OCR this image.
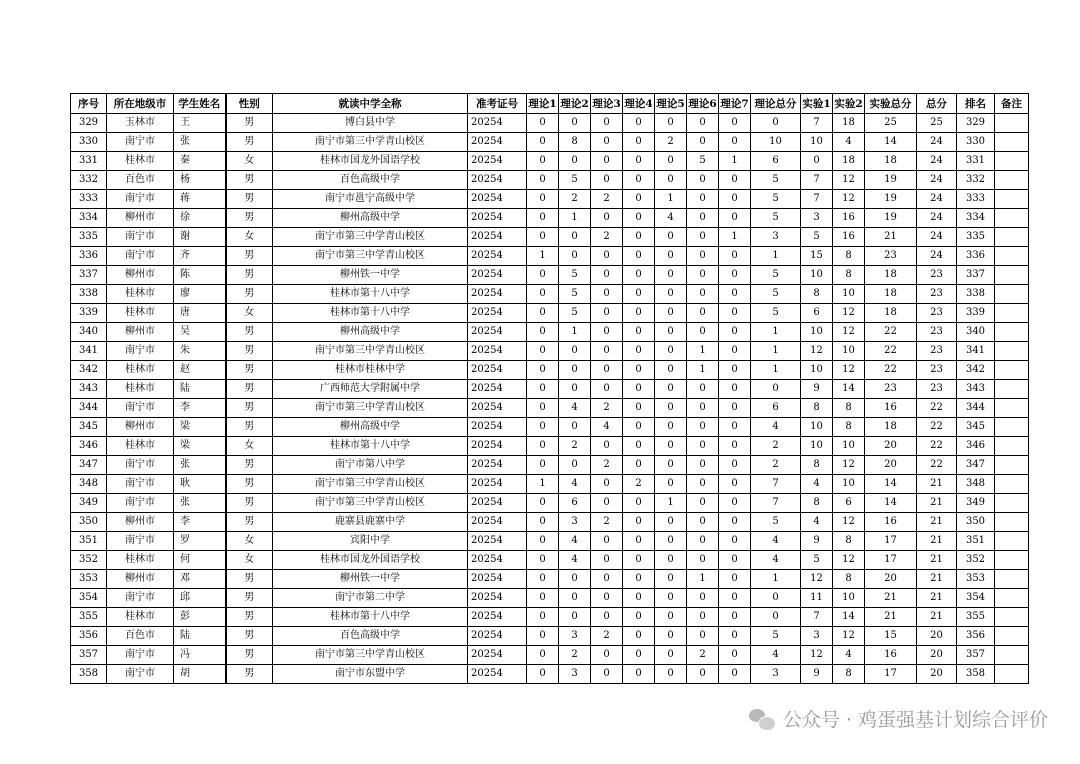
序号	所在地级市	学生姓名	性别	就读中学全称	准考证号	理论1	理论2	理论3	理论4	理论5	理论6	理论7	理论总分	实验1	实验2	实验总分	总分	排名	备注
329	玉林市	王	男	博白县中学	20254	0	0	0	0	0	0	0	0	7	18	25	25	329	
330	南宁市	张	男	南宁市第三中学青山校区	20254	0	8	0	0	2	0	0	10	10	4	14	24	330	
331	桂林市	秦	女	桂林市国龙外国语学校	20254	0	0	0	0	0	5	1	6	0	18	18	24	331	
332	百色市	杨	男	百色高级中学	20254	0	5	0	0	0	0	0	5	7	12	19	24	332	
333	南宁市	蒋	男	南宁市邕宁高级中学	20254	0	2	2	0	1	0	0	5	7	12	19	24	333	
334	柳州市	徐	男	柳州高级中学	20254	0	1	0	0	4	0	0	5	3	16	19	24	334	
335	南宁市	谢	女	南宁市第三中学青山校区	20254	0	0	2	0	0	0	1	3	5	16	21	24	335	
336	南宁市	齐	男	南宁市第三中学青山校区	20254	1	0	0	0	0	0	0	1	15	8	23	24	336	
337	柳州市	陈	男	柳州铁一中学	20254	0	5	0	0	0	0	0	5	10	8	18	23	337	
338	桂林市	廖	男	桂林市第十八中学	20254	0	5	0	0	0	0	0	5	8	10	18	23	338	
339	桂林市	唐	女	桂林市第十八中学	20254	0	5	0	0	0	0	0	5	6	12	18	23	339	
340	柳州市	吴	男	柳州高级中学	20254	0	1	0	0	0	0	0	1	10	12	22	23	340	
341	南宁市	朱	男	南宁市第三中学青山校区	20254	0	0	0	0	0	1	0	1	12	10	22	23	341	
342	桂林市	赵	男	桂林市桂林中学	20254	0	0	0	0	0	1	0	1	10	12	22	23	342	
343	桂林市	陆	男	广西师范大学附属中学	20254	0	0	0	0	0	0	0	0	9	14	23	23	343	
344	南宁市	李	男	南宁市第三中学青山校区	20254	0	4	2	0	0	0	0	6	8	8	16	22	344	
345	柳州市	梁	男	柳州高级中学	20254	0	0	4	0	0	0	0	4	10	8	18	22	345	
346	桂林市	梁	女	桂林市第十八中学	20254	0	2	0	0	0	0	0	2	10	10	20	22	346	
347	南宁市	张	男	南宁市第八中学	20254	0	0	2	0	0	0	0	2	8	12	20	22	347	
348	南宁市	耿	男	南宁市第三中学青山校区	20254	1	4	0	2	0	0	0	7	4	10	14	21	348	
349	南宁市	张	男	南宁市第三中学青山校区	20254	0	6	0	0	1	0	0	7	8	6	14	21	349	
350	柳州市	李	男	鹿寨县鹿寨中学	20254	0	3	2	0	0	0	0	5	4	12	16	21	350	
351	南宁市	罗	女	宾阳中学	20254	0	4	0	0	0	0	0	4	9	8	17	21	351	
352	桂林市	何	女	桂林市国龙外国语学校	20254	0	4	0	0	0	0	0	4	5	12	17	21	352	
353	柳州市	邓	男	柳州铁一中学	20254	0	0	0	0	0	1	0	1	12	8	20	21	353	
354	南宁市	邱	男	南宁市第二中学	20254	0	0	0	0	0	0	0	0	11	10	21	21	354	
355	桂林市	彭	男	桂林市第十八中学	20254	0	0	0	0	0	0	0	0	7	14	21	21	355	
356	百色市	陆	男	百色高级中学	20254	0	3	2	0	0	0	0	5	3	12	15	20	356	
357	南宁市	冯	男	南宁市第三中学青山校区	20254	0	2	0	0	0	2	0	4	12	4	16	20	357	
358	南宁市	胡	男	南宁市东盟中学	20254	0	3	0	0	0	0	0	3	9	8	17	20	358	
公众号 · 鸡蛋强基计划综合评价
